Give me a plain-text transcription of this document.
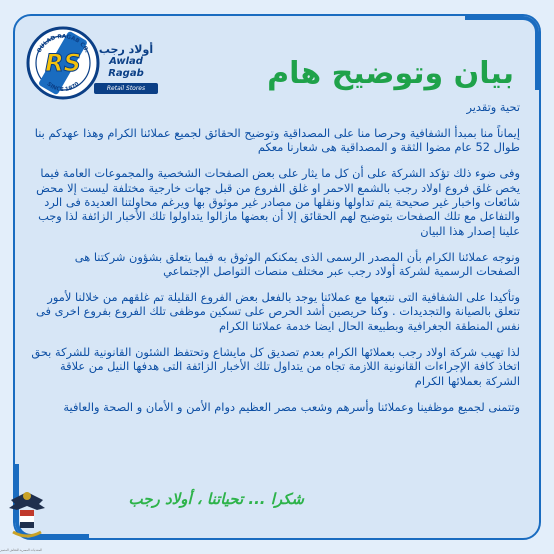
OULAD RAGAB CO.
SINCE 1970
RS	أولاد رجب
Awlad Ragab
Retail Stores	بيان وتوضيح هام

تحية وتقدير

إيماناً منا بمبدأ الشفافية وحرصا منا على المصداقية وتوضيح الحقائق لجميع عملائنا الكرام وهذا عهدكم بنا طوال 52 عام مضوا الثقة و المصداقية هى شعارنا معكم

وفى ضوء ذلك تؤكد الشركة على أن كل ما يثار على بعض الصفحات الشخصية والمجموعات العامة فيما يخص غلق فروع اولاد رجب بالشمع الاحمر او غلق الفروع من قبل جهات خارجية مختلفة ليست إلا محض شائعات واخبار غير صحيحة يتم تداولها ونقلها من مصادر غير موثوق بها ويرغم محاولتنا العديدة فى الرد والتفاعل مع تلك الصفحات بتوضيح لهم الحقائق إلا أن بعضها مازالوا يتداولوا تلك الأخبار الزائفة لذا وجب علينا إصدار هذا البيان

ونوجه عملائنا الكرام بأن المصدر الرسمى الذى يمكنكم الوثوق به فيما يتعلق بشؤون شركتنا هى الصفحات الرسمية لشركة أولاد رجب عبر مختلف منصات التواصل الإجتماعي

وتأكيدا على الشفافية التى نتبعها مع عملائنا يوجد بالفعل بعض الفروع القليلة تم غلقهم من خلالنا لأمور تتعلق بالصيانة والتجديدات . وكنا حريصين أشد الحرص على تسكين موظفى تلك الفروع بفروع اخرى فى نفس المنطقة الجغرافية وبطبيعة الحال ايضا خدمة عملائنا الكرام

لذا تهيب شركة اولاد رجب بعملائها الكرام بعدم تصديق كل مايشاع وتحتفظ الشئون القانونية للشركة بحق اتخاذ كافة الإجراءات القانونية اللازمة تجاه من يتداول تلك الأخبار الزائفة التى هدفها النيل من علاقة الشركة بعملائها الكرام

وتتمنى لجميع موظفينا وعملائنا وأسرهم وشعب مصر العظيم دوام الأمن و الأمان و الصحة والعافية

شكرا ... تحياتنا ، أولاد رجب
المنتديات المصرية للنقاش المتميز
